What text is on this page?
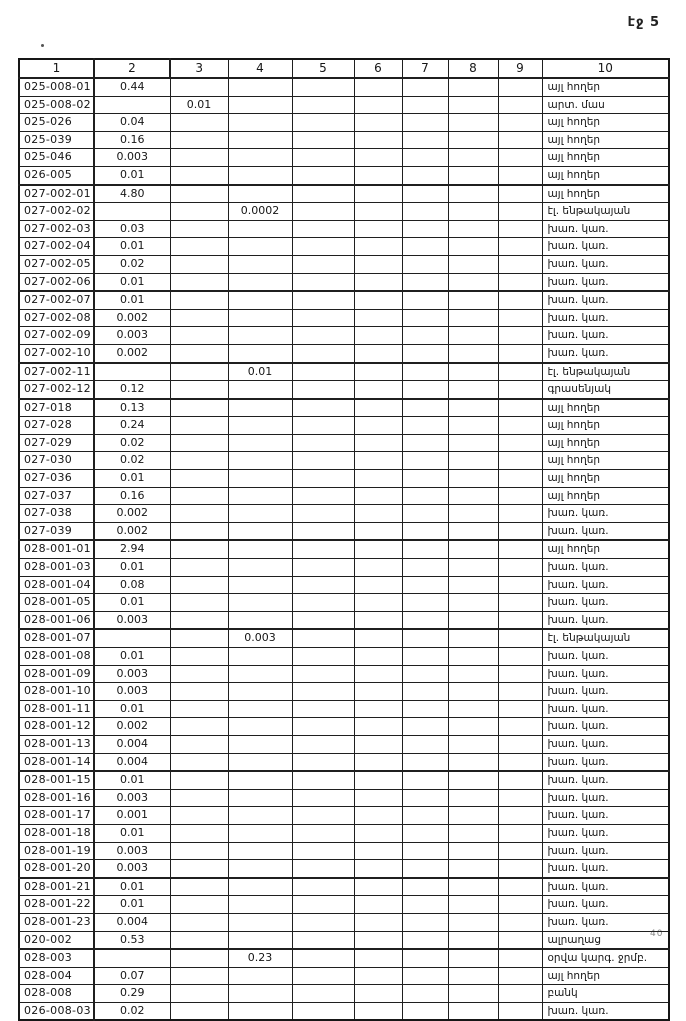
էջ 5
40
1	2	3	4	5	6	7	8	9	10
025-008-01	0.44								այլ հողեր
025-008-02		0.01							արտ. մաս
025-026	0.04								այլ հողեր
025-039	0.16								այլ հողեր
025-046	0.003								այլ հողեր
026-005	0.01								այլ հողեր
027-002-01	4.80								այլ հողեր
027-002-02			0.0002						էլ. ենթակայան
027-002-03	0.03								խառ. կառ.
027-002-04	0.01								խառ. կառ.
027-002-05	0.02								խառ. կառ.
027-002-06	0.01								խառ. կառ.
027-002-07	0.01								խառ. կառ.
027-002-08	0.002								խառ. կառ.
027-002-09	0.003								խառ. կառ.
027-002-10	0.002								խառ. կառ.
027-002-11			0.01						էլ. ենթակայան
027-002-12	0.12								գրասենյակ
027-018	0.13								այլ հողեր
027-028	0.24								այլ հողեր
027-029	0.02								այլ հողեր
027-030	0.02								այլ հողեր
027-036	0.01								այլ հողեր
027-037	0.16								այլ հողեր
027-038	0.002								խառ. կառ.
027-039	0.002								խառ. կառ.
028-001-01	2.94								այլ հողեր
028-001-03	0.01								խառ. կառ.
028-001-04	0.08								խառ. կառ.
028-001-05	0.01								խառ. կառ.
028-001-06	0.003								խառ. կառ.
028-001-07			0.003						էլ. ենթակայան
028-001-08	0.01								խառ. կառ.
028-001-09	0.003								խառ. կառ.
028-001-10	0.003								խառ. կառ.
028-001-11	0.01								խառ. կառ.
028-001-12	0.002								խառ. կառ.
028-001-13	0.004								խառ. կառ.
028-001-14	0.004								խառ. կառ.
028-001-15	0.01								խառ. կառ.
028-001-16	0.003								խառ. կառ.
028-001-17	0.001								խառ. կառ.
028-001-18	0.01								խառ. կառ.
028-001-19	0.003								խառ. կառ.
028-001-20	0.003								խառ. կառ.
028-001-21	0.01								խառ. կառ.
028-001-22	0.01								խառ. կառ.
028-001-23	0.004								խառ. կառ.
020-002	0.53								ալրաղաց
028-003			0.23						օրվա կարգ. ջրմբ.
028-004	0.07								այլ հողեր
028-008	0.29								բանկ
026-008-03	0.02								խառ. կառ.
